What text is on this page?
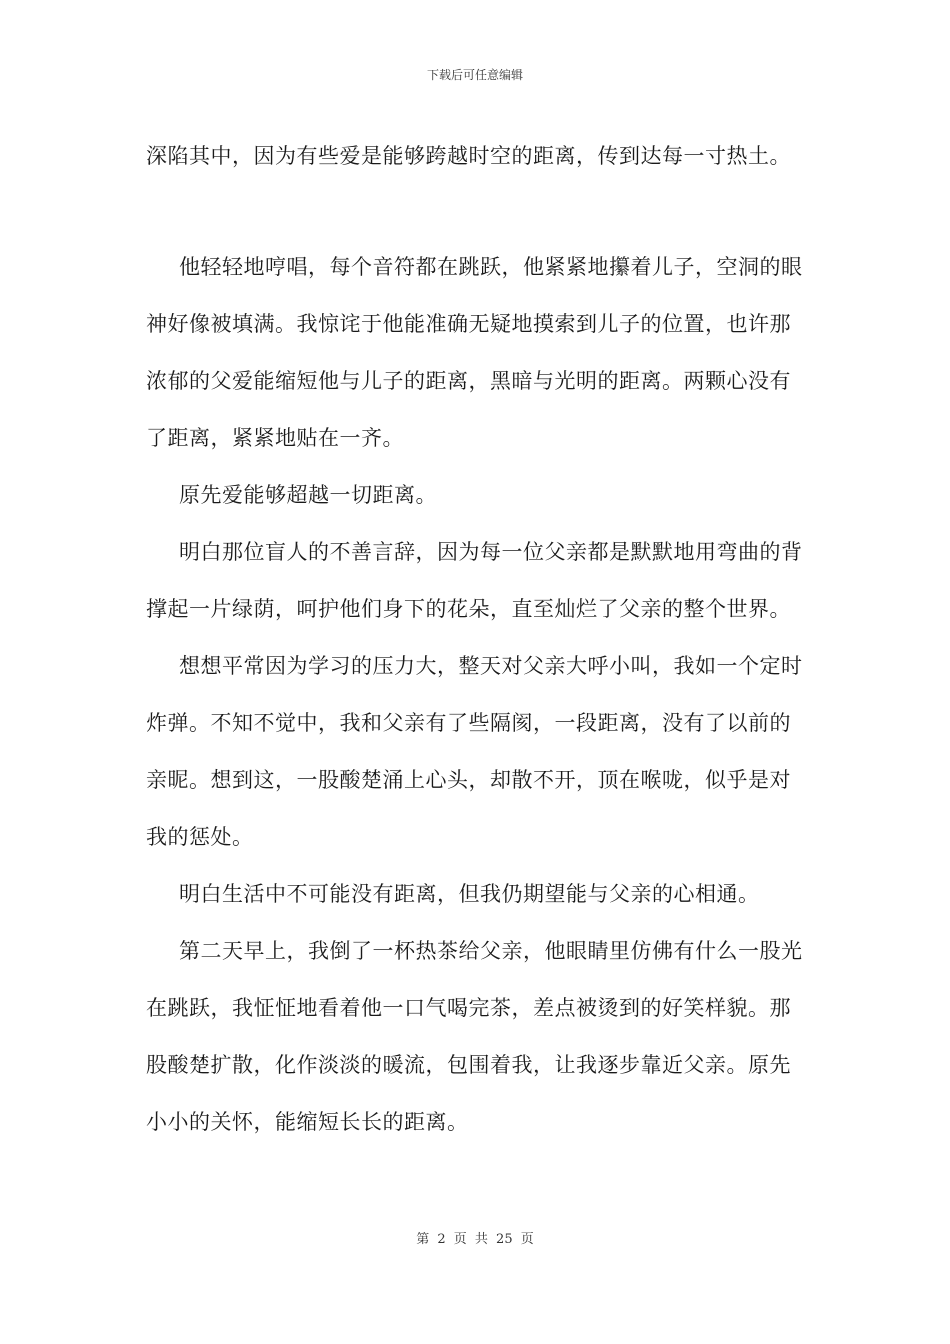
下载后可任意编辑

深陷其中，因为有些爱是能够跨越时空的距离，传到达每一寸热土。

他轻轻地哼唱，每个音符都在跳跃，他紧紧地攥着儿子，空洞的眼神好像被填满。我惊诧于他能准确无疑地摸索到儿子的位置，也许那浓郁的父爱能缩短他与儿子的距离，黑暗与光明的距离。两颗心没有了距离，紧紧地贴在一齐。

原先爱能够超越一切距离。

明白那位盲人的不善言辞，因为每一位父亲都是默默地用弯曲的背撑起一片绿荫，呵护他们身下的花朵，直至灿烂了父亲的整个世界。

想想平常因为学习的压力大，整天对父亲大呼小叫，我如一个定时炸弹。不知不觉中，我和父亲有了些隔阂，一段距离，没有了以前的亲昵。想到这，一股酸楚涌上心头，却散不开，顶在喉咙，似乎是对我的惩处。

明白生活中不可能没有距离，但我仍期望能与父亲的心相通。

第二天早上，我倒了一杯热茶给父亲，他眼睛里仿佛有什么一股光在跳跃，我怔怔地看着他一口气喝完茶，差点被烫到的好笑样貌。那股酸楚扩散，化作淡淡的暖流，包围着我，让我逐步靠近父亲。原先小小的关怀，能缩短长长的距离。

第 2 页 共 25 页
